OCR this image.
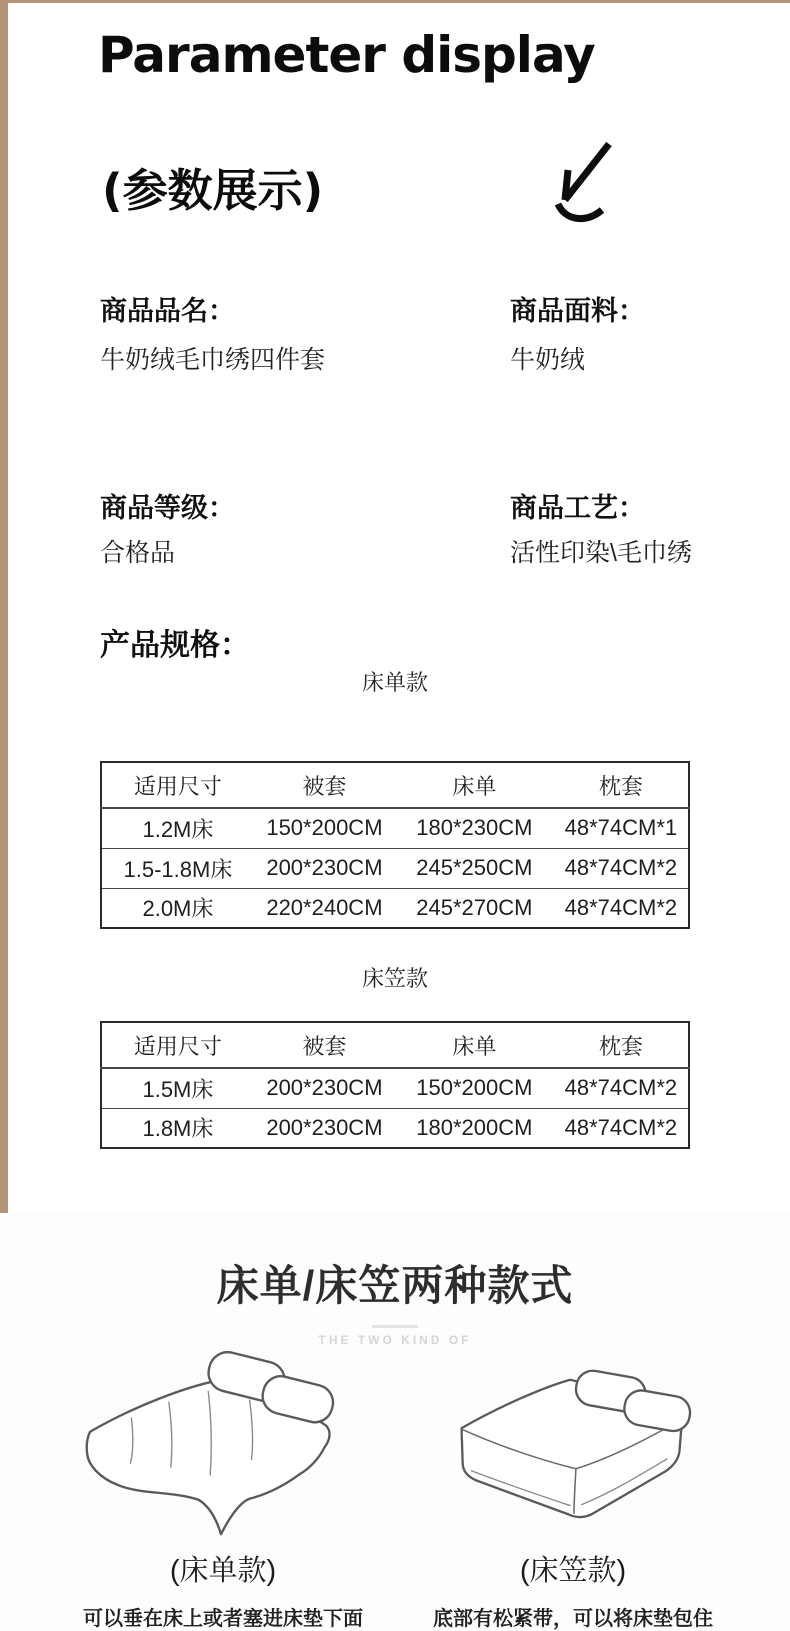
Parameter display
(参数展示)
商品品名：
牛奶绒毛巾绣四件套
商品面料：
牛奶绒
商品等级：
合格品
商品工艺：
活性印染\毛巾绣
产品规格：
床单款
适用尺寸	被套	床单	枕套
1.2M床	150*200CM	180*230CM	48*74CM*1
1.5-1.8M床	200*230CM	245*250CM	48*74CM*2
2.0M床	220*240CM	245*270CM	48*74CM*2
床笠款
适用尺寸	被套	床单	枕套
1.5M床	200*230CM	150*200CM	48*74CM*2
1.8M床	200*230CM	180*200CM	48*74CM*2
床单/床笠两种款式
THE TWO KIND OF
(床单款)
可以垂在床上或者塞进床垫下面
(床笠款)
底部有松紧带，可以将床垫包住
